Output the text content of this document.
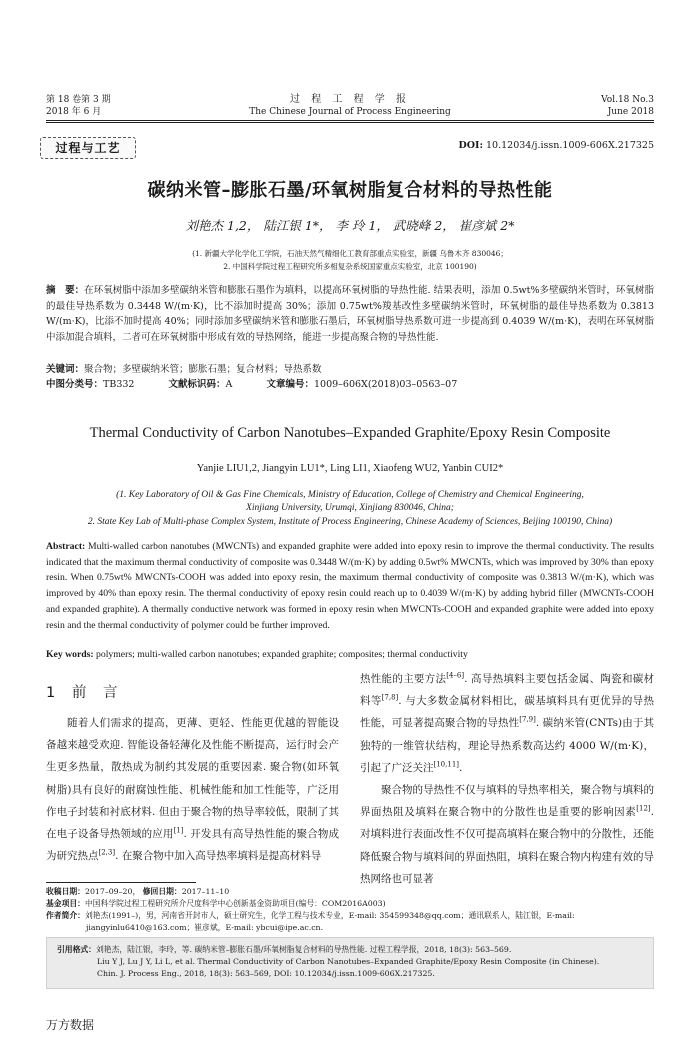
第 18 卷第 3 期
2018 年 6 月
过 程 工 程 学 报
The Chinese Journal of Process Engineering
Vol.18 No.3
June 2018
过程与工艺	DOI: 10.12034/j.issn.1009-606X.217325
碳纳米管–膨胀石墨/环氧树脂复合材料的导热性能
刘艳杰 1,2， 陆江银 1*， 李 玲 1， 武晓峰 2， 崔彦斌 2*
(1. 新疆大学化学化工学院，石油天然气精细化工教育部重点实验室，新疆 乌鲁木齐 830046；
2. 中国科学院过程工程研究所多相复杂系统国家重点实验室，北京 100190)
摘　要：在环氧树脂中添加多壁碳纳米管和膨胀石墨作为填料，以提高环氧树脂的导热性能. 结果表明，添加 0.5wt%多壁碳纳米管时，环氧树脂的最佳导热系数为 0.3448 W/(m·K)，比不添加时提高 30%；添加 0.75wt%羧基改性多壁碳纳米管时，环氧树脂的最佳导热系数为 0.3813 W/(m·K)，比添不加时提高 40%；同时添加多壁碳纳米管和膨胀石墨后，环氧树脂导热系数可进一步提高到 0.4039 W/(m·K)，表明在环氧树脂中添加混合填料，二者可在环氧树脂中形成有效的导热网络，能进一步提高聚合物的导热性能.
关键词：聚合物；多壁碳纳米管；膨胀石墨；复合材料；导热系数
中图分类号：TB332	文献标识码：A	文章编号：1009–606X(2018)03–0563–07
Thermal Conductivity of Carbon Nanotubes–Expanded Graphite/Epoxy Resin Composite
Yanjie LIU1,2, Jiangyin LU1*, Ling LI1, Xiaofeng WU2, Yanbin CUI2*
(1. Key Laboratory of Oil & Gas Fine Chemicals, Ministry of Education, College of Chemistry and Chemical Engineering,
Xinjiang University, Urumqi, Xinjiang 830046, China;
2. State Key Lab of Multi-phase Complex System, Institute of Process Engineering, Chinese Academy of Sciences, Beijing 100190, China)
Abstract: Multi-walled carbon nanotubes (MWCNTs) and expanded graphite were added into epoxy resin to improve the thermal conductivity. The results indicated that the maximum thermal conductivity of composite was 0.3448 W/(m·K) by adding 0.5wt% MWCNTs, which was improved by 30% than epoxy resin. When 0.75wt% MWCNTs-COOH was added into epoxy resin, the maximum thermal conductivity of composite was 0.3813 W/(m·K), which was improved by 40% than epoxy resin. The thermal conductivity of epoxy resin could reach up to 0.4039 W/(m·K) by adding hybrid filler (MWCNTs-COOH and expanded graphite). A thermally conductive network was formed in epoxy resin when MWCNTs-COOH and expanded graphite were added into epoxy resin and the thermal conductivity of polymer could be further improved.
Key words: polymers; multi-walled carbon nanotubes; expanded graphite; composites; thermal conductivity
1 前 言
随着人们需求的提高，更薄、更轻、性能更优越的智能设备越来越受欢迎. 智能设备轻薄化及性能不断提高，运行时会产生更多热量，散热成为制约其发展的重要因素. 聚合物(如环氧树脂)具有良好的耐腐蚀性能、机械性能和加工性能等，广泛用作电子封装和衬底材料. 但由于聚合物的热导率较低，限制了其在电子设备导热领域的应用[1]. 开发具有高导热性能的聚合物成为研究热点[2,3]. 在聚合物中加入高导热率填料是提高材料导

热性能的主要方法[4–6]. 高导热填料主要包括金属、陶瓷和碳材料等[7,8]. 与大多数金属材料相比，碳基填料具有更优异的导热性能，可显著提高聚合物的导热性[7,9]. 碳纳米管(CNTs)由于其独特的一维管状结构，理论导热系数高达约 4000 W/(m·K)，引起了广泛关注[10,11].

聚合物的导热性不仅与填料的导热率相关，聚合物与填料的界面热阻及填料在聚合物中的分散性也是重要的影响因素[12]. 对填料进行表面改性不仅可提高填料在聚合物中的分散性，还能降低聚合物与填料间的界面热阻，填料在聚合物内构建有效的导热网络也可显著

收稿日期：2017–09–20， 修回日期：2017–11–10
基金项目：中国科学院过程工程研究所介尺度科学中心创新基金资助项目(编号：COM2016A003)
作者简介：刘艳杰(1991–)，男，河南省开封市人，硕士研究生，化学工程与技术专业，E-mail: 354599348@qq.com；通讯联系人，陆江银，E-mail:
jiangyinlu6410@163.com；崔彦斌，E-mail: ybcui@ipe.ac.cn.
引用格式：刘艳杰，陆江银，李玲，等. 碳纳米管–膨胀石墨/环氧树脂复合材料的导热性能. 过程工程学报，2018, 18(3): 563–569.
Liu Y J, Lu J Y, Li L, et al. Thermal Conductivity of Carbon Nanotubes–Expanded Graphite/Epoxy Resin Composite (in Chinese).
Chin. J. Process Eng., 2018, 18(3): 563–569, DOI: 10.12034/j.issn.1009-606X.217325.
万方数据
